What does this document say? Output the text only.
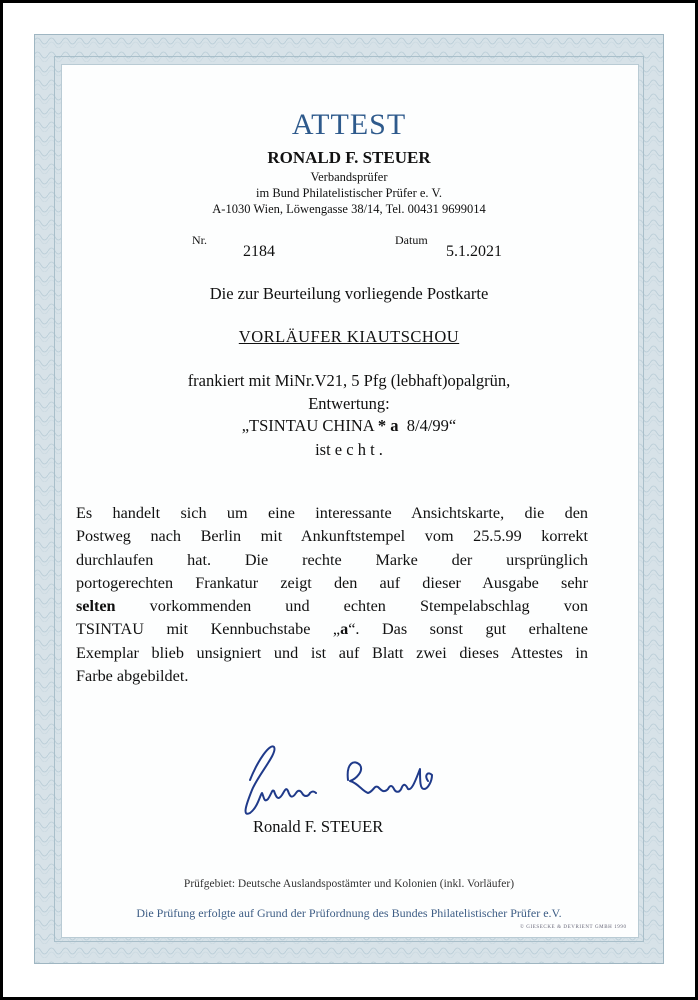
ATTEST
RONALD F. STEUER
Verbandsprüfer
im Bund Philatelistischer Prüfer e. V.
A-1030 Wien, Löwengasse 38/14, Tel. 00431 9699014
Nr.
2184
Datum
5.1.2021
Die zur Beurteilung vorliegende Postkarte
VORLÄUFER KIAUTSCHOU
frankiert mit MiNr.V21, 5 Pfg (lebhaft)opalgrün,
Entwertung:
„TSINTAU CHINA * a  8/4/99“
ist e c h t .
Es handelt sich um eine interessante Ansichtskarte, die den
Postweg nach Berlin mit Ankunftstempel vom 25.5.99 korrekt
durchlaufen hat. Die rechte Marke der ursprünglich
portogerechten Frankatur zeigt den auf dieser Ausgabe sehr
selten vorkommenden und echten Stempelabschlag von
TSINTAU mit Kennbuchstabe „a“. Das sonst gut erhaltene
Exemplar blieb unsigniert und ist auf Blatt zwei dieses Attestes in
Farbe abgebildet.
Ronald F. STEUER
Prüfgebiet: Deutsche Auslandspostämter und Kolonien (inkl. Vorläufer)
Die Prüfung erfolgte auf Grund der Prüfordnung des Bundes Philatelistischer Prüfer e.V.
© GIESECKE & DEVRIENT GMBH 1990
